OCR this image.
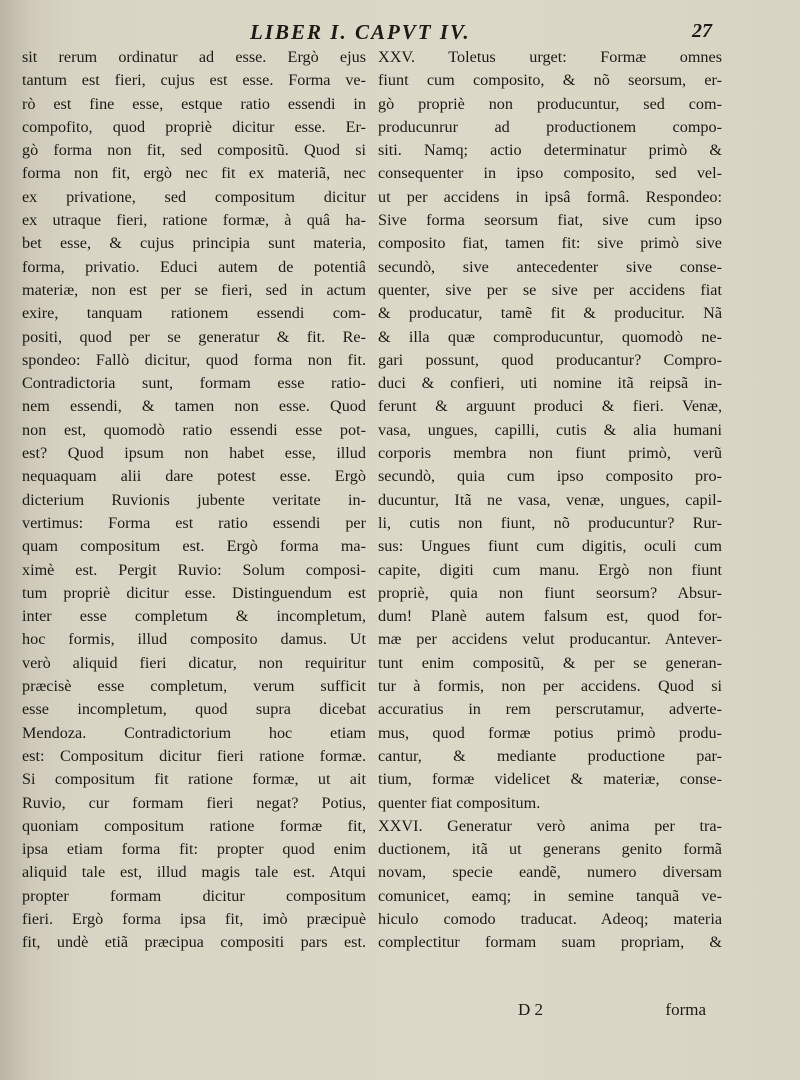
LIBER I. CAPVT IV.	27
sit rerum ordinatur ad esse. Ergò ejus
tantum est fieri, cujus est esse. Forma ve-
rò est fine esse, estque ratio essendi in
compofito, quod propriè dicitur esse. Er-
gò forma non fit, sed compositũ. Quod si
forma non fit, ergò nec fit ex materiã, nec
ex privatione, sed compositum dicitur
ex utraque fieri, ratione formæ, à quâ ha-
bet esse, & cujus principia sunt materia,
forma, privatio. Educi autem de potentiâ
materiæ, non est per se fieri, sed in actum
exire, tanquam rationem essendi com-
positi, quod per se generatur & fit. Re-
spondeo: Fallò dicitur, quod forma non fit.
Contradictoria sunt, formam esse ratio-
nem essendi, & tamen non esse. Quod
non est, quomodò ratio essendi esse pot-
est? Quod ipsum non habet esse, illud
nequaquam alii dare potest esse. Ergò
dicterium Ruvionis jubente veritate in-
vertimus: Forma est ratio essendi per
quam compositum est. Ergò forma ma-
ximè est. Pergit Ruvio: Solum composi-
tum propriè dicitur esse. Distinguendum est
inter esse completum & incompletum,
hoc formis, illud composito damus. Ut
verò aliquid fieri dicatur, non requiritur
præcisè esse completum, verum sufficit
esse incompletum, quod supra dicebat
Mendoza. Contradictorium hoc etiam
est: Compositum dicitur fieri ratione formæ.
Si compositum fit ratione formæ, ut ait
Ruvio, cur formam fieri negat? Potius,
quoniam compositum ratione formæ fit,
ipsa etiam forma fit: propter quod enim
aliquid tale est, illud magis tale est. Atqui
propter formam dicitur compositum
fieri. Ergò forma ipsa fit, imò præcipuè
fit, undè etiã præcipua compositi pars est.
XXV. Toletus urget: Formæ omnes
fiunt cum composito, & nõ seorsum, er-
gò propriè non producuntur, sed com-
producunrur ad productionem compo-
siti. Namq; actio determinatur primò &
consequenter in ipso composito, sed vel-
ut per accidens in ipsâ formâ. Respondeo:
Sive forma seorsum fiat, sive cum ipso
composito fiat, tamen fit: sive primò sive
secundò, sive antecedenter sive conse-
quenter, sive per se sive per accidens fiat
& producatur, tamẽ fit & producitur. Nã
& illa quæ comproducuntur, quomodò ne-
gari possunt, quod producantur? Compro-
duci & confieri, uti nomine itã reipsã in-
ferunt & arguunt produci & fieri. Venæ,
vasa, ungues, capilli, cutis & alia humani
corporis membra non fiunt primò, verũ
secundò, quia cum ipso composito pro-
ducuntur, Itã ne vasa, venæ, ungues, capil-
li, cutis non fiunt, nõ producuntur? Rur-
sus: Ungues fiunt cum digitis, oculi cum
capite, digiti cum manu. Ergò non fiunt
propriè, quia non fiunt seorsum? Absur-
dum! Planè autem falsum est, quod for-
mæ per accidens velut producantur. Antever-
tunt enim compositũ, & per se generan-
tur à formis, non per accidens. Quod si
accuratius in rem perscrutamur, adverte-
mus, quod formæ potius primò produ-
cantur, & mediante productione par-
tium, formæ videlicet & materiæ, conse-
quenter fiat compositum.
XXVI. Generatur verò anima per tra-
ductionem, itã ut generans genito formã
novam, specie eandẽ, numero diversam
comunicet, eamq; in semine tanquã ve-
hiculo comodo traducat. Adeoq; materia
complectitur formam suam propriam, &
D 2	forma
